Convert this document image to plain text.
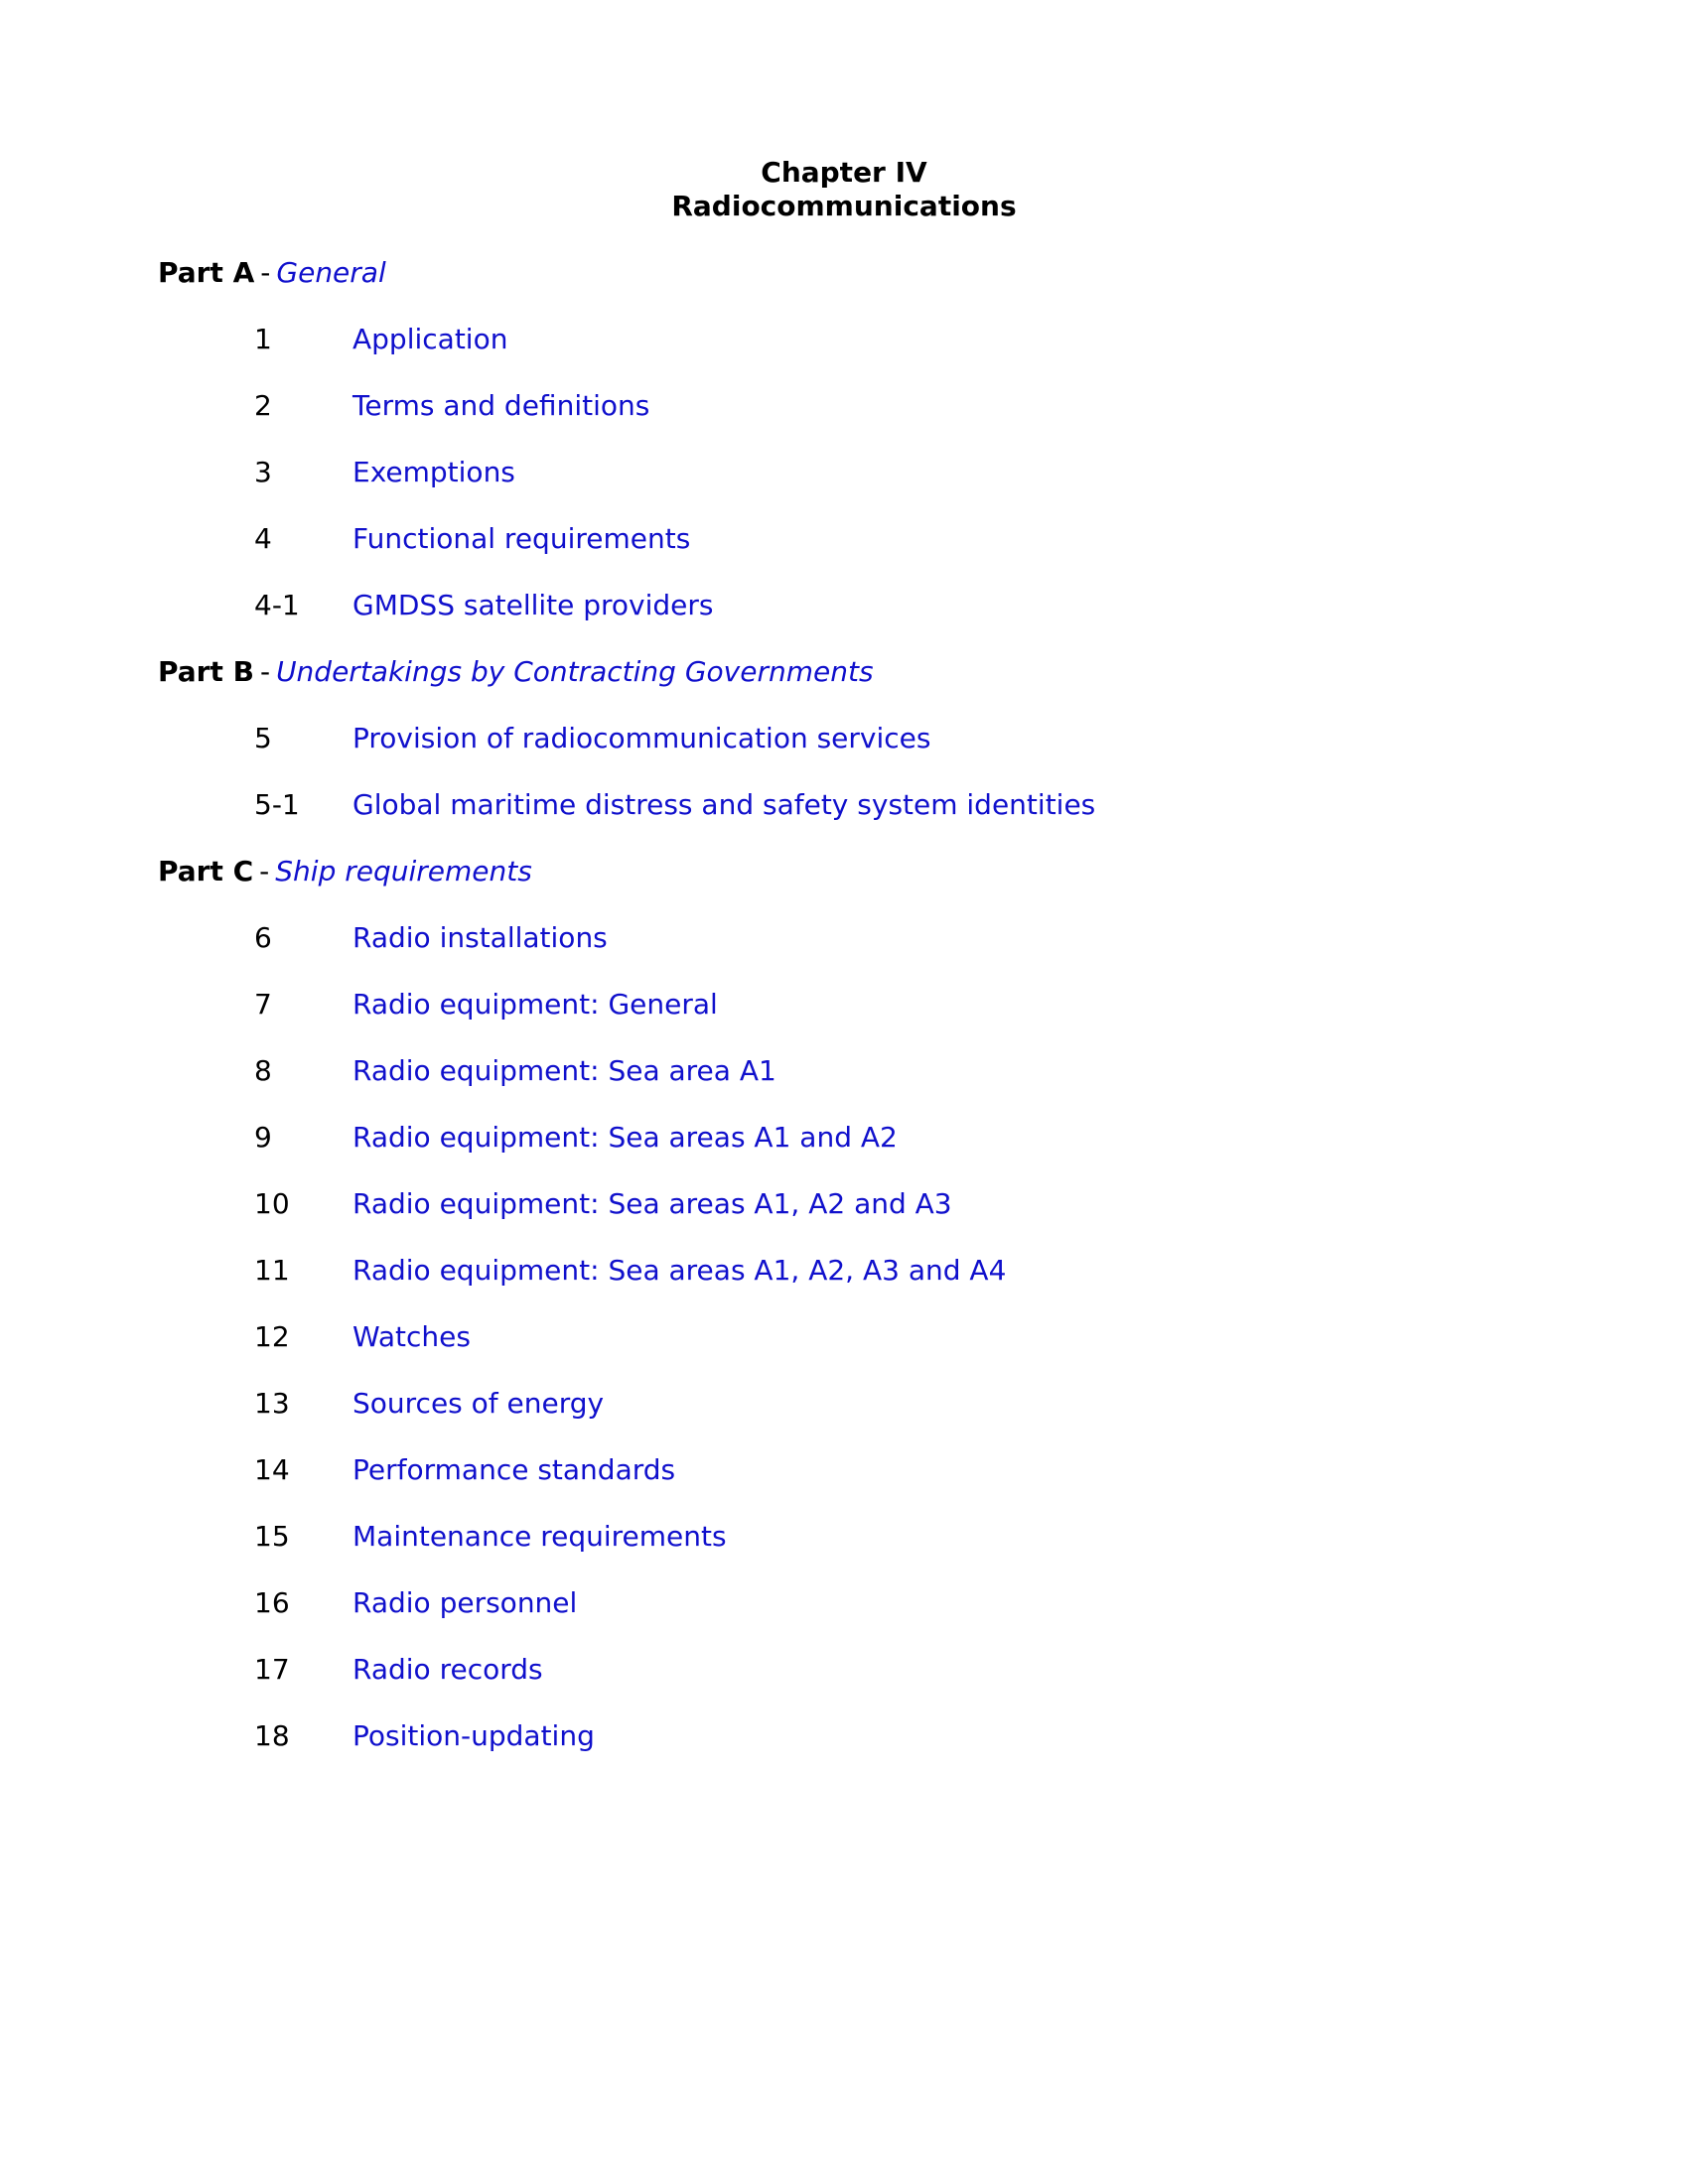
Chapter IV
Radiocommunications
Part A - General
1	Application
2	Terms and definitions
3	Exemptions
4	Functional requirements
4-1 GMDSS satellite providers
Part B - Undertakings by Contracting Governments
5	Provision of radiocommunication services
5-1 Global maritime distress and safety system identities
Part C - Ship requirements
6	Radio installations
7	Radio equipment: General
8	Radio equipment: Sea area A1
9	Radio equipment: Sea areas A1 and A2
10 Radio equipment: Sea areas A1, A2 and A3
11 Radio equipment: Sea areas A1, A2, A3 and A4
12 Watches
13 Sources of energy
14 Performance standards
15 Maintenance requirements
16 Radio personnel
17 Radio records
18 Position-updating
